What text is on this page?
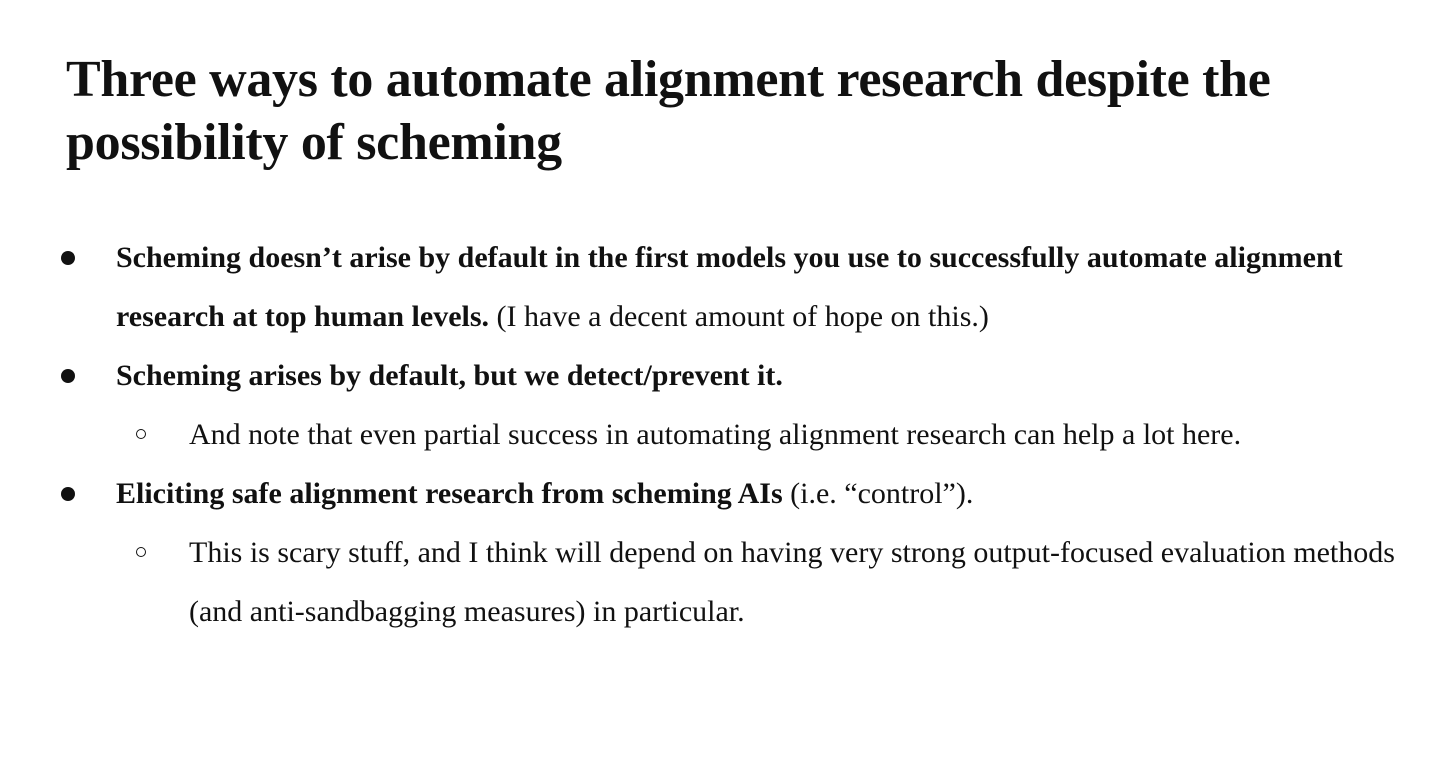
Three ways to automate alignment research despite the possibility of scheming
Scheming doesn’t arise by default in the first models you use to successfully automate alignment research at top human levels. (I have a decent amount of hope on this.)
Scheming arises by default, but we detect/prevent it.
And note that even partial success in automating alignment research can help a lot here.
Eliciting safe alignment research from scheming AIs (i.e. “control”).
This is scary stuff, and I think will depend on having very strong output-focused evaluation methods (and anti-sandbagging measures) in particular.
